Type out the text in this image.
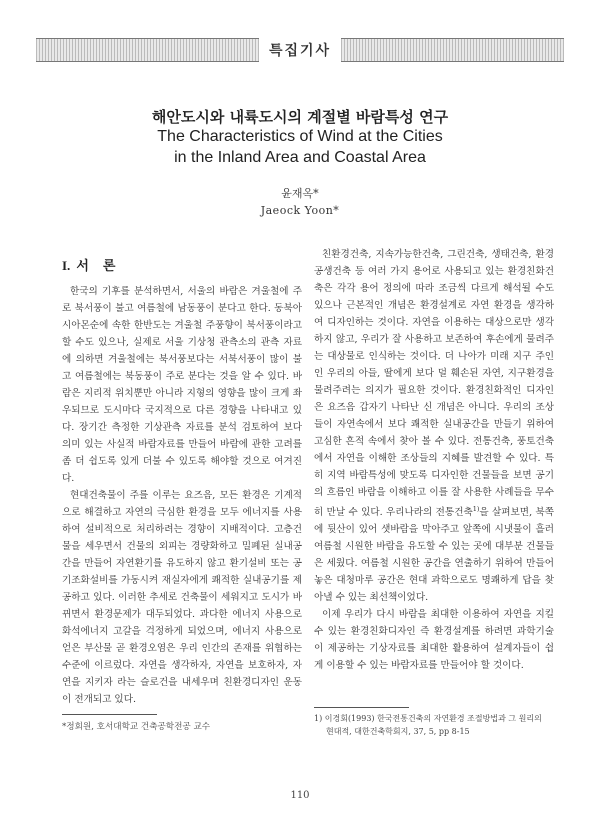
특집기사
해안도시와 내륙도시의 계절별 바람특성 연구
The Characteristics of Wind at the Cities
in the Inland Area and Coastal Area
윤재옥*
Jaeock Yoon*
I. 서 론

한국의 기후를 분석하면서, 서울의 바람은 겨울철에 주로 북서풍이 불고 여름철에 남동풍이 분다고 한다. 동북아시아몬순에 속한 한반도는 겨울철 주풍향이 북서풍이라고 할 수도 있으나, 실제로 서울 기상청 관측소의 관측 자료에 의하면 겨울철에는 북서풍보다는 서북서풍이 많이 불고 여름철에는 북동풍이 주로 분다는 것을 알 수 있다. 바람은 지리적 위치뿐만 아니라 지형의 영향을 많이 크게 좌우되므로 도시마다 국지적으로 다른 경향을 나타내고 있다. 장기간 측정한 기상관측 자료를 분석 검토하여 보다 의미 있는 사실적 바람자료를 만들어 바람에 관한 고려를 좀 더 쉽도록 있게 더불 수 있도록 해야할 것으로 여겨진다.

현대건축물이 주를 이루는 요즈음, 모든 환경은 기계적으로 해결하고 자연의 극심한 환경을 모두 에너지를 사용하여 설비적으로 처리하려는 경향이 지배적이다. 고층건물을 세우면서 건물의 외피는 경량화하고 밀폐된 실내공간을 만들어 자연환기를 유도하지 않고 환기설비 또는 공기조화설비를 가동시켜 재실자에게 쾌적한 실내공기를 제공하고 있다. 이러한 추세로 건축물이 세워지고 도시가 바뀌면서 환경문제가 대두되었다. 과다한 에너지 사용으로 화석에너지 고갈을 걱정하게 되었으며, 에너지 사용으로 얻은 부산물 곧 환경오염은 우리 인간의 존재를 위협하는 수준에 이르렀다. 자연을 생각하자, 자연을 보호하자, 자연을 지키자 라는 슬로건을 내세우며 친환경디자인 운동이 전개되고 있다.

친환경건축, 지속가능한건축, 그린건축, 생태건축, 환경공생건축 등 여러 가지 용어로 사용되고 있는 환경친화건축은 각각 용어 정의에 따라 조금씩 다르게 해석될 수도 있으나 근본적인 개념은 환경설계로 자연 환경을 생각하여 디자인하는 것이다. 자연을 이용하는 대상으로만 생각하지 않고, 우리가 잘 사용하고 보존하여 후손에게 물려주는 대상물로 인식하는 것이다. 더 나아가 미래 지구 주인인 우리의 아들, 딸에게 보다 덜 훼손된 자연, 지구환경을 물려주려는 의지가 필요한 것이다. 환경친화적인 디자인은 요즈음 갑자기 나타난 신 개념은 아니다. 우리의 조상들이 자연속에서 보다 쾌적한 실내공간을 만들기 위하여 고심한 흔적 속에서 찾아 볼 수 있다. 전통건축, 풍토건축에서 자연을 이해한 조상들의 지혜를 발견할 수 있다. 특히 지역 바람특성에 맞도록 디자인한 건물들을 보면 공기의 흐름인 바람을 이해하고 이를 잘 사용한 사례들을 무수히 만날 수 있다. 우리나라의 전통건축$^{1)}$을 살펴보면, 북쪽에 뒷산이 있어 샛바람을 막아주고 앞쪽에 시냇물이 흘러 여름철 시원한 바람을 유도할 수 있는 곳에 대부분 건물들은 세웠다. 여름철 시원한 공간을 연출하기 위하여 만들어 놓은 대청마루 공간은 현대 과학으로도 명쾌하게 답을 찾아낼 수 있는 최선책이었다.

이제 우리가 다시 바람을 최대한 이용하여 자연을 지킬 수 있는 환경친화디자인 즉 환경설계를 하려면 과학기술이 제공하는 기상자료를 최대한 활용하여 설계자들이 쉽게 이용할 수 있는 바람자료를 만들어야 할 것이다.

*정회원, 호서대학교 건축공학전공 교수
1) 이경회(1993) 한국전통건축의 자연환경 조절방법과 그 원리의
현대적, 대한건축학회지, 37, 5, pp 8-15
110
